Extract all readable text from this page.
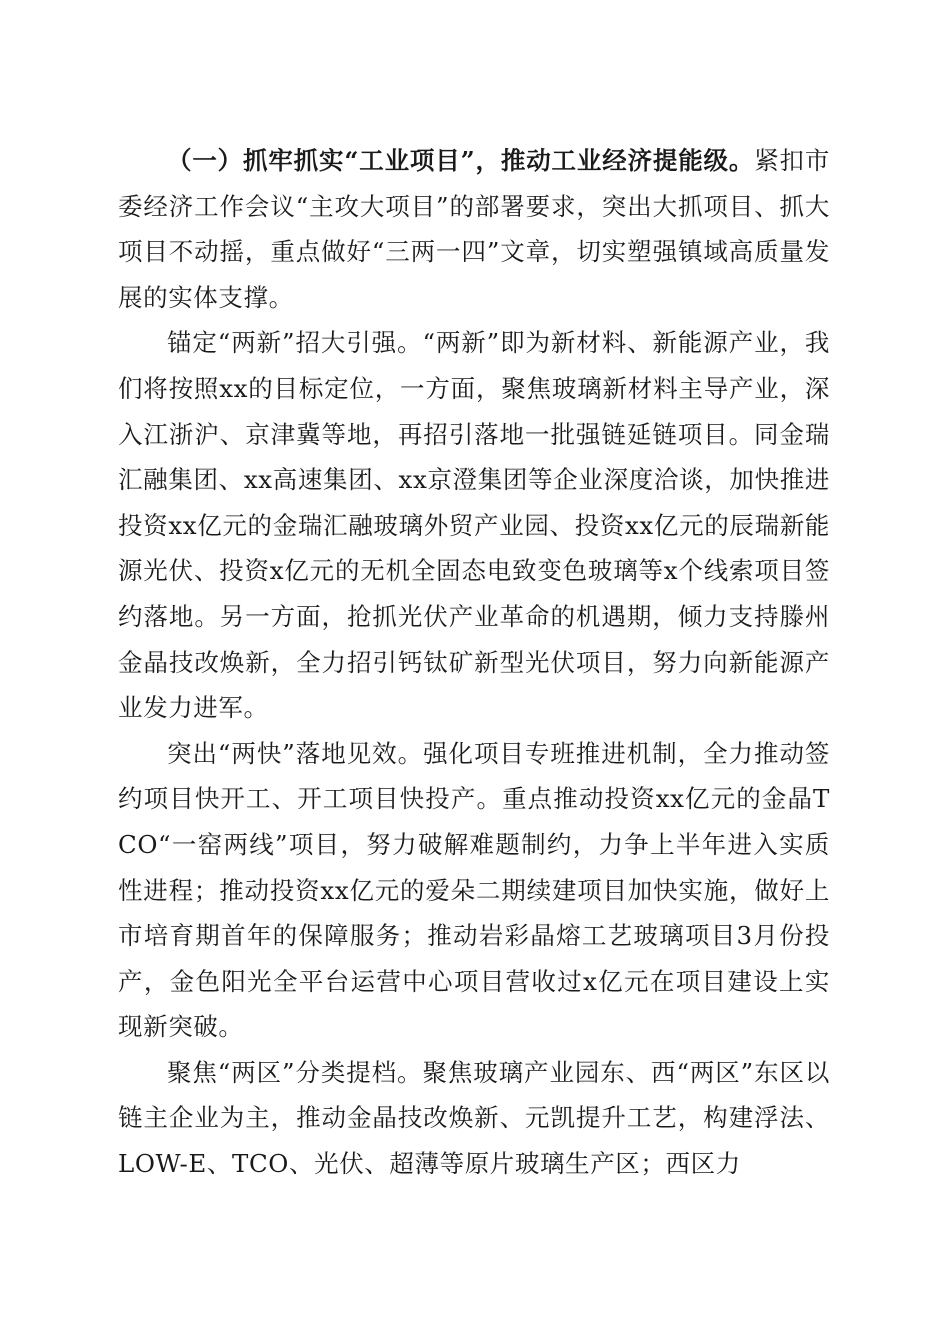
（一）抓牢抓实“工业项目”，推动工业经济提能级。紧扣市委经济工作会议“主攻大项目”的部署要求，突出大抓项目、抓大项目不动摇，重点做好“三两一四”文章，切实塑强镇域高质量发展的实体支撑。

锚定“两新”招大引强。“两新”即为新材料、新能源产业，我们将按照xx的目标定位，一方面，聚焦玻璃新材料主导产业，深入江浙沪、京津冀等地，再招引落地一批强链延链项目。同金瑞汇融集团、xx高速集团、xx京澄集团等企业深度洽谈，加快推进投资xx亿元的金瑞汇融玻璃外贸产业园、投资xx亿元的辰瑞新能源光伏、投资x亿元的无机全固态电致变色玻璃等x个线索项目签约落地。另一方面，抢抓光伏产业革命的机遇期，倾力支持滕州金晶技改焕新，全力招引钙钛矿新型光伏项目，努力向新能源产业发力进军。

突出“两快”落地见效。强化项目专班推进机制，全力推动签约项目快开工、开工项目快投产。重点推动投资xx亿元的金晶TCO“一窑两线”项目，努力破解难题制约，力争上半年进入实质性进程；推动投资xx亿元的爱朵二期续建项目加快实施，做好上市培育期首年的保障服务；推动岩彩晶熔工艺玻璃项目3月份投产，金色阳光全平台运营中心项目营收过x亿元在项目建设上实现新突破。

聚焦“两区”分类提档。聚焦玻璃产业园东、西“两区”东区以链主企业为主，推动金晶技改焕新、元凯提升工艺，构建浮法、LOW-E、TCO、光伏、超薄等原片玻璃生产区；西区力
